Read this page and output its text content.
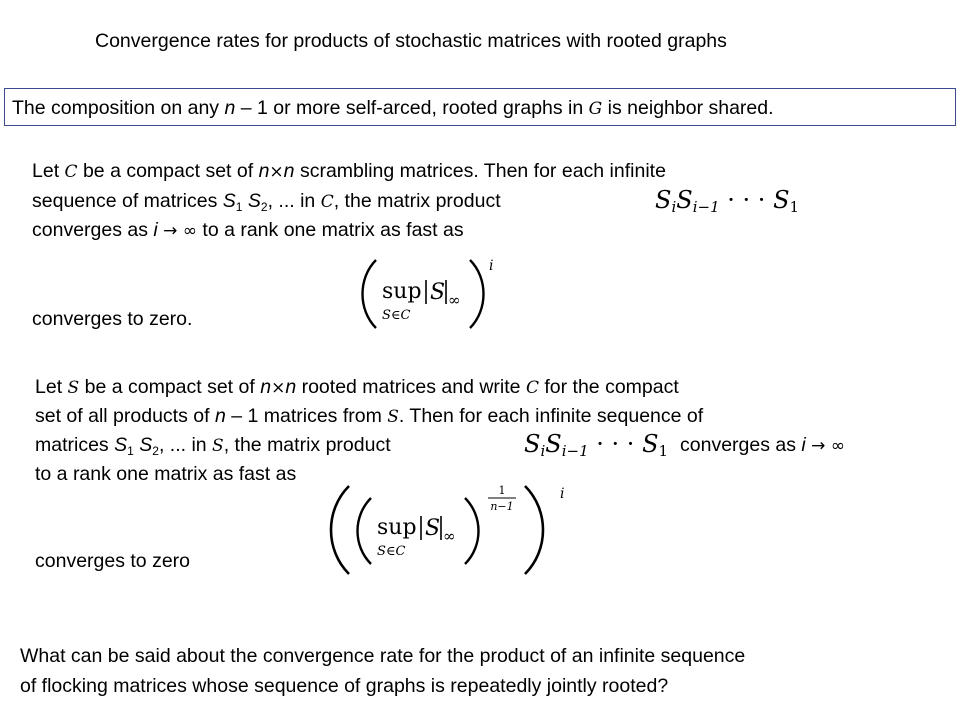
Convergence rates for products of stochastic matrices with rooted graphs
The composition on any n – 1 or more self-arced, rooted graphs in G is neighbor shared.
Let C be a compact set of n×n scrambling matrices. Then for each infinite
sequence of matrices $S_1$ $S_2$, ... in C, the matrix product	$S_iS_{i-1}$ · · · $S_1$
converges as i → ∞ to a rank one matrix as fast as
sup
S∈C
S ∞
i
converges to zero.
Let S be a compact set of n×n rooted matrices and write C for the compact
set of all products of n – 1 matrices from S. Then for each infinite sequence of
matrices $S_1$ $S_2$, ... in S, the matrix product	$S_iS_{i-1}$ · · · $S_1$ converges as i → ∞
to a rank one matrix as fast as
sup
S∈C
S ∞
1
n−1
i
converges to zero
What can be said about the convergence rate for the product of an infinite sequence
of flocking matrices whose sequence of graphs is repeatedly jointly rooted?
